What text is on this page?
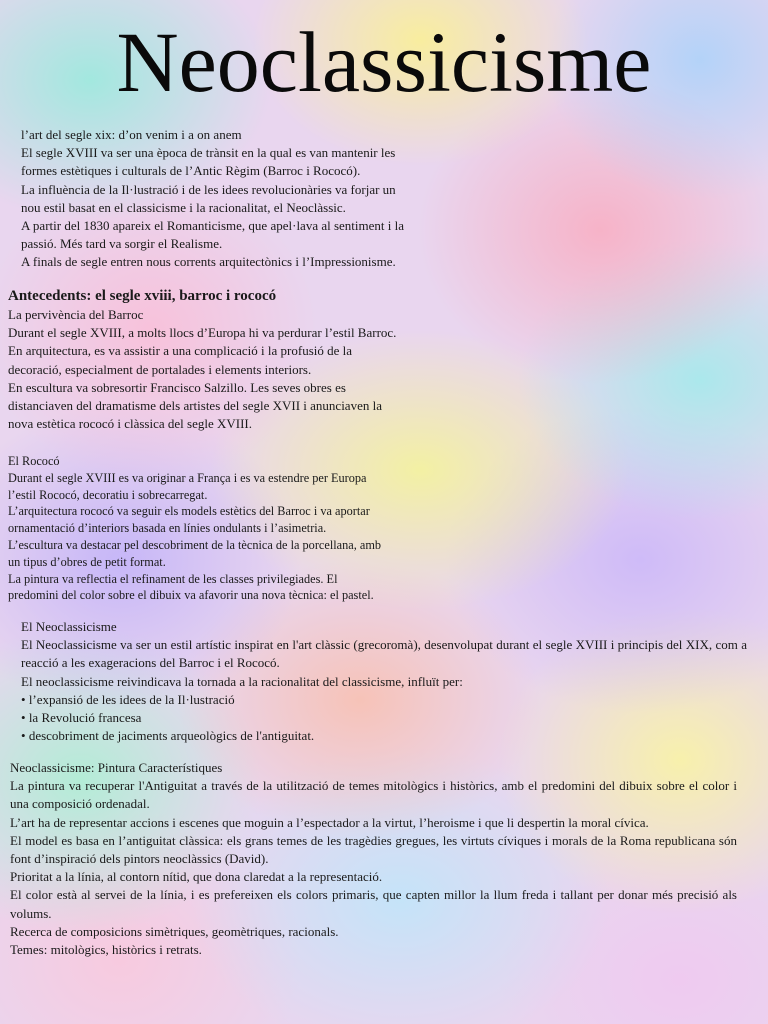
Neoclassicisme

l’art del segle xix: d’on venim i a on anem

El segle XVIII va ser una època de trànsit en la qual es van mantenir les

formes estètiques i culturals de l’Antic Règim (Barroc i Rococó).

La influència de la Il·lustració i de les idees revolucionàries va forjar un

nou estil basat en el classicisme i la racionalitat, el Neoclàssic.

A partir del 1830 apareix el Romanticisme, que apel·lava al sentiment i la

passió. Més tard va sorgir el Realisme.

A finals de segle entren nous corrents arquitectònics i l’Impressionisme.

Antecedents: el segle xviii, barroc i rococó

La pervivència del Barroc

Durant el segle XVIII, a molts llocs d’Europa hi va perdurar l’estil Barroc.

En arquitectura, es va assistir a una complicació i la profusió de la

decoració, especialment de portalades i elements interiors.

En escultura va sobresortir Francisco Salzillo. Les seves obres es

distanciaven del dramatisme dels artistes del segle XVII i anunciaven la

nova estètica rococó i clàssica del segle XVIII.

El Rococó

Durant el segle XVIII es va originar a França i es va estendre per Europa

l’estil Rococó, decoratiu i sobrecarregat.

L’arquitectura rococó va seguir els models estètics del Barroc i va aportar

ornamentació d’interiors basada en línies ondulants i l’asimetria.

L’escultura va destacar pel descobriment de la tècnica de la porcellana, amb

un tipus d’obres de petit format.

La pintura va reflectia el refinament de les classes privilegiades. El

predomini del color sobre el dibuix va afavorir una nova tècnica: el pastel.

El Neoclassicisme

El Neoclassicisme va ser un estil artístic inspirat en l'art clàssic (grecoromà), desenvolupat durant el segle XVIII i principis del XIX, com a reacció a les exageracions del Barroc i el Rococó.

El neoclassicisme reivindicava la tornada a la racionalitat del classicisme, influït per:

• l’expansió de les idees de la Il·lustració
• la Revolució francesa
• descobriment de jaciments arqueològics de l'antiguitat.

Neoclassicisme: Pintura Característiques

La pintura va recuperar l'Antiguitat a través de la utilització de temes mitològics i històrics, amb el predomini del dibuix sobre el color i una composició ordenadal.

L’art ha de representar accions i escenes que moguin a l’espectador a la virtut, l’heroisme i que li despertin la moral cívica.

El model es basa en l’antiguitat clàssica: els grans temes de les tragèdies gregues, les virtuts cíviques i morals de la Roma republicana són font d’inspiració dels pintors neoclàssics (David).

Prioritat a la línia, al contorn nítid, que dona claredat a la representació.

El color està al servei de la línia, i es prefereixen els colors primaris, que capten millor la llum freda i tallant per donar més precisió als volums.

Recerca de composicions simètriques, geomètriques, racionals.

Temes: mitològics, històrics i retrats.
